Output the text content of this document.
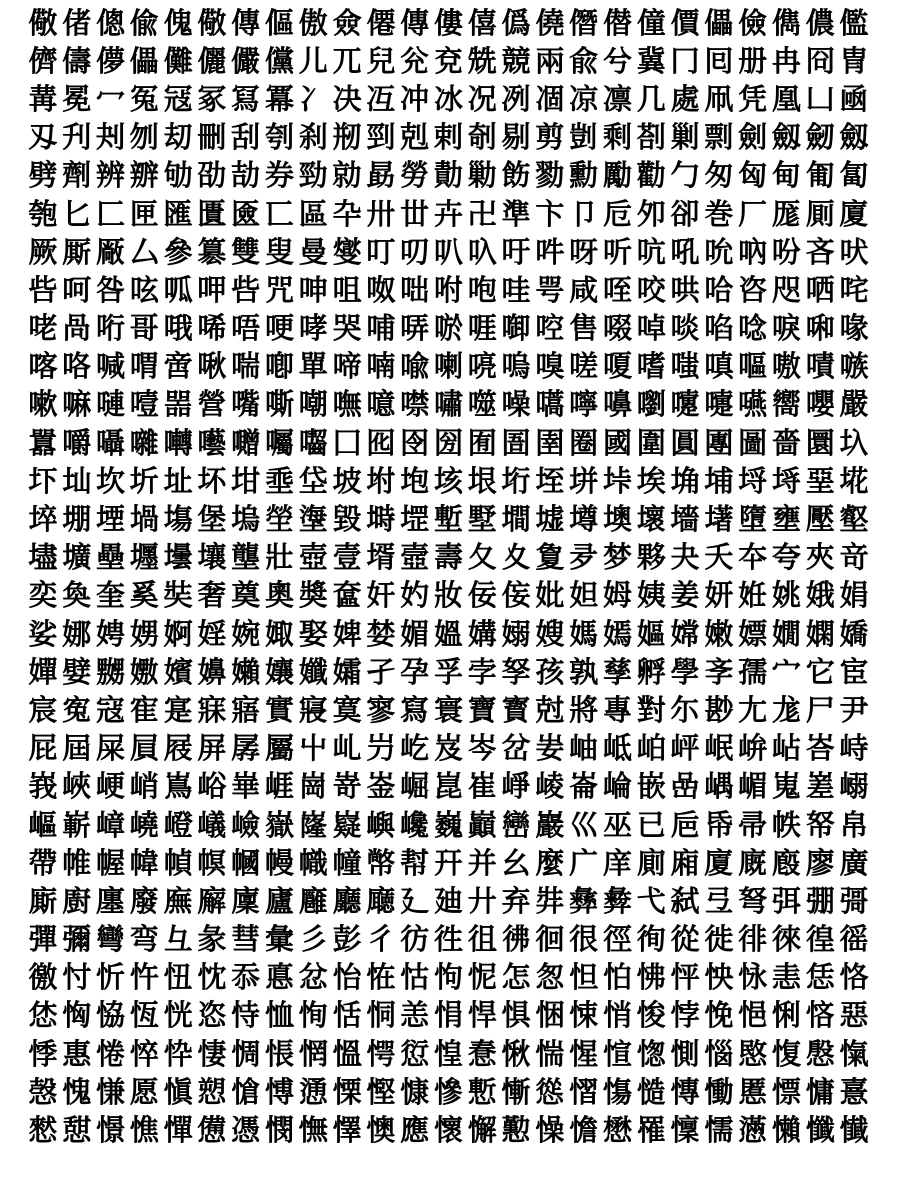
儆 偖 傯 偸 傀 儆 傳 傴 傲 僉 僊 傳 僂 僖 僞 僥 僭 僣 僮 價 儡 儉 儁 儂 儖
儕 儔 儚 儡 儺 儷 儼 儻 儿 兀 兒 兊 兗 兟 競 兩 兪 兮 冀 冂 囘 册 冉 冏 冑
冓 冕 冖 冤 冦 冢 冩 冪 冫 决 冱 冲 冰 况 冽 凅 凉 凛 几 處 凧 凭 凰 凵 凾
刄 刋 刔 刎 刧 刪 刮 刳 刹 剏 剄 剋 剌 剞 剔 剪 剴 剩 剳 剿 剽 劍 劔 劒 劔
劈 劑 辨 辧 劬 劭 劼 券 勁 勍 勗 勞 勣 勦 飭 勠 勳 勵 勸 勹 匆 匈 甸 匍 匐
匏 匕 匚 匣 匯 匱 匳 匸 區 卆 卅 丗 卉 卍 準 卞 卩 卮 夘 卻 巻 厂 厖 厠 廈
厥 厮 厰 厶 參 簒 雙 叟 曼 燮 叮 叨 叭 叺 吁 吽 呀 听 吭 吼 吮 吶 吩 吝 吠
呰 呵 咎 呟 呱 呷 呰 咒 呻 咀 呶 咄 咐 咆 哇 咢 咸 咥 咬 哄 哈 咨 咫 哂 咤
咾 咼 哘 哥 哦 唏 唔 哽 哮 哭 哺 哢 唹 啀 啣 啌 售 啜 啅 啖 啗 唸 唳 啝 喙
喀 咯 喊 喟 啻 啾 喘 喞 單 啼 喃 喩 喇 喨 嗚 嗅 嗟 嗄 嗜 嗤 嗔 嘔 嗷 嘖 嗾
嗽 嘛 嗹 噎 噐 營 嘴 嘶 嘲 嘸 噫 噤 嘯 噬 噪 嚆 嚀 嚊 嚠 嚔 嚏 嚥 嚮 嚶 嚴
囂 嚼 囁 囃 囀 囈 囎 囑 囓 囗 囮 囹 圀 囿 圄 圉 圈 國 圍 圓 團 圖 嗇 圜 圦
圷 圸 坎 圻 址 坏 坩 埀 垈 坡 坿 垉 垓 垠 垳 垤 垪 垰 埃 埆 埔 埒 埓 堊 埖
埣 堋 堙 堝 塲 堡 塢 塋 塰 毀 塒 堽 塹 墅 墹 墟 墫 墺 壞 墻 墸 墮 壅 壓 壑
壗 壙 壘 壥 壜 壤 壟 壯 壺 壹 壻 壼 壽 夂 夊 夐 夛 梦 夥 夬 夭 夲 夸 夾 竒
奕 奐 奎 奚 奘 奢 奠 奧 奬 奩 奸 妁 妝 佞 侫 妣 妲 姆 姨 姜 妍 姙 姚 娥 娟
娑 娜 娉 娚 婀 婬 婉 娵 娶 婢 婪 媚 媼 媾 嫋 嫂 媽 嫣 嫗 嫦 嫩 嫖 嫺 嫻 嬌
嬋 嬖 嬲 嫐 嬪 嬶 嬾 孃 孅 孀 孑 孕 孚 孛 孥 孩 孰 孳 孵 學 斈 孺 宀 它 宦
宸 寃 寇 寉 寔 寐 寤 實 寢 寞 寥 寫 寰 寶 寳 尅 將 專 對 尓 尠 尢 尨 尸 尹
屁 屆 屎 屓 屐 屏 孱 屬 屮 乢 屶 屹 岌 岑 岔 妛 岫 岻 岶 岼 岷 峅 岾 峇 峙
峩 峽 峺 峭 嶌 峪 崋 崕 崗 嵜 崟 崛 崑 崔 崢 崚 崙 崘 嵌 嵒 嵎 嵋 嵬 嵳 嵶
嶇 嶄 嶂 嶢 嶝 嶬 嶮 嶽 嶐 嶷 嶼 巉 巍 巓 巒 巖 巛 巫 已 巵 帋 帚 帙 帑 帛
帶 帷 幄 幃 幀 幎 幗 幔 幟 幢 幤 幇 幵 并 幺 麼 广 庠 廁 廂 廈 廐 廏 廖 廣
廝 廚 廛 廢 廡 廨 廩 廬 廱 廳 廰 廴 廸 廾 弃 弉 彝 彜 弋 弑 弖 弩 弭 弸 彁
彈 彌 彎 弯 彑 彖 彗 彙 彡 彭 彳 彷 徃 徂 彿 徊 很 徑 徇 從 徙 徘 徠 徨 徭
徼 忖 忻 忤 忸 忱 忝 悳 忿 怡 恠 怙 怐 怩 怎 怱 怛 怕 怫 怦 怏 怺 恚 恁 恪
恷 恟 恊 恆 恍 恣 恃 恤 恂 恬 恫 恙 悁 悍 惧 悃 悚 悄 悛 悖 悗 悒 悧 悋 惡
悸 惠 惓 悴 忰 悽 惆 悵 惘 慍 愕 愆 惶 惷 愀 惴 惺 愃 愡 惻 惱 愍 愎 慇 愾
愨 愧 慊 愿 愼 愬 愴 愽 慂 慄 慳 慷 慘 慙 慚 慫 慴 慯 慥 慱 慟 慝 慓 慵 憙
憖 憇 憬 憔 憚 憊 憑 憫 憮 懌 懊 應 懷 懈 懃 懆 憺 懋 罹 懍 懦 懣 懶 懺 懴
